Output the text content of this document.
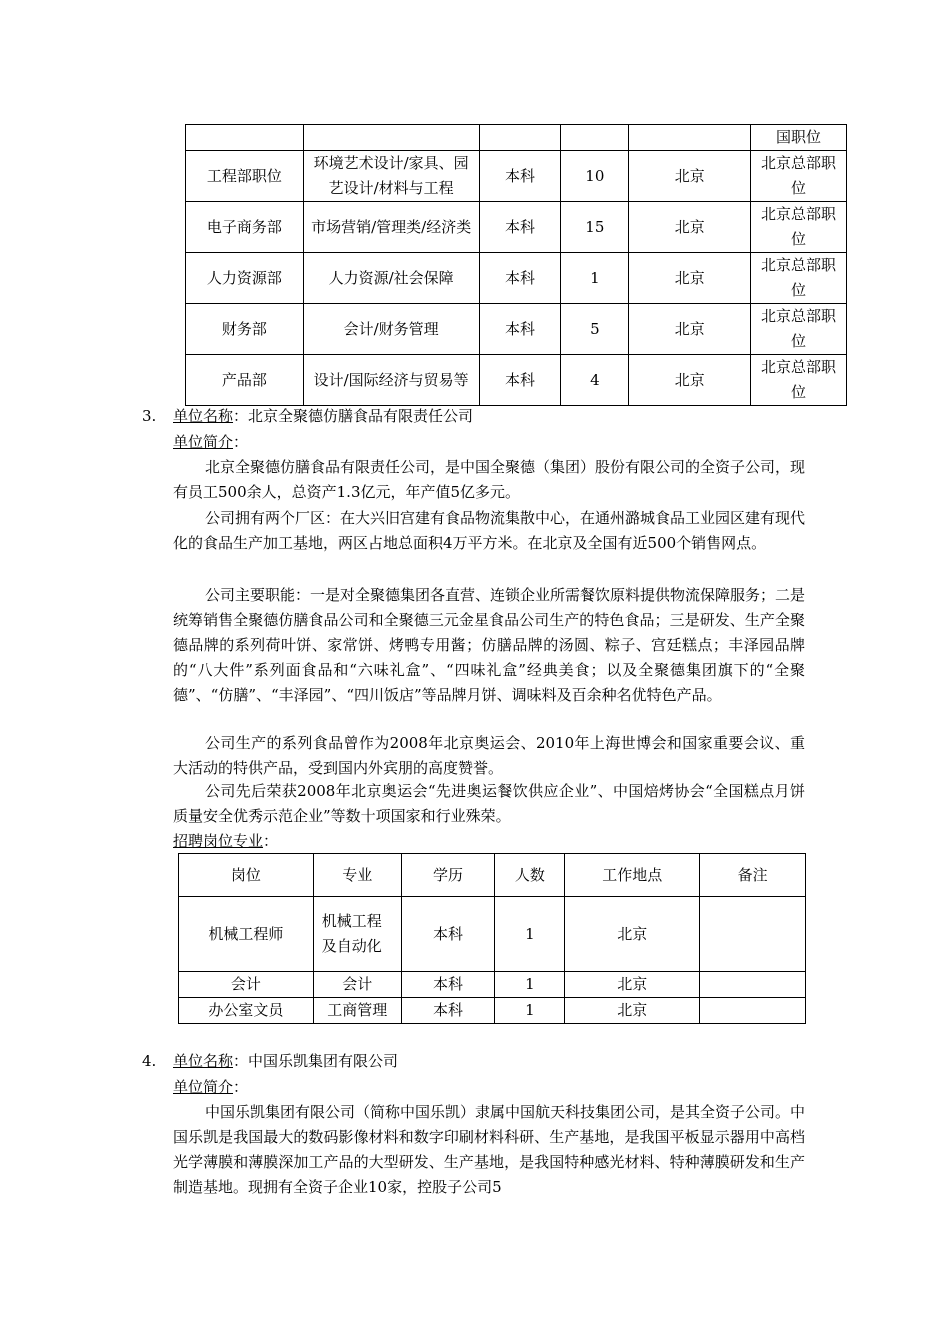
					国职位
工程部职位	环境艺术设计/家具、园艺设计/材料与工程	本科	10	北京	北京总部职位
电子商务部	市场营销/管理类/经济类	本科	15	北京	北京总部职位
人力资源部	人力资源/社会保障	本科	1	北京	北京总部职位
财务部	会计/财务管理	本科	5	北京	北京总部职位
产品部	设计/国际经济与贸易等	本科	4	北京	北京总部职位
3. 单位名称：北京全聚德仿膳食品有限责任公司
单位简介：

北京全聚德仿膳食品有限责任公司，是中国全聚德（集团）股份有限公司的全资子公司，现有员工500余人，总资产1.3亿元，年产值5亿多元。

公司拥有两个厂区：在大兴旧宫建有食品物流集散中心，在通州潞城食品工业园区建有现代化的食品生产加工基地，两区占地总面积4万平方米。在北京及全国有近500个销售网点。

公司主要职能：一是对全聚德集团各直营、连锁企业所需餐饮原料提供物流保障服务；二是统筹销售全聚德仿膳食品公司和全聚德三元金星食品公司生产的特色食品；三是研发、生产全聚德品牌的系列荷叶饼、家常饼、烤鸭专用酱；仿膳品牌的汤圆、粽子、宫廷糕点；丰泽园品牌的“八大件”系列面食品和“六味礼盒”、“四味礼盒”经典美食；以及全聚德集团旗下的“全聚德”、“仿膳”、“丰泽园”、“四川饭店”等品牌月饼、调味料及百余种名优特色产品。

公司生产的系列食品曾作为2008年北京奥运会、2010年上海世博会和国家重要会议、重大活动的特供产品，受到国内外宾朋的高度赞誉。

公司先后荣获2008年北京奥运会“先进奥运餐饮供应企业”、中国焙烤协会“全国糕点月饼质量安全优秀示范企业”等数十项国家和行业殊荣。

招聘岗位专业：
岗位	专业	学历	人数	工作地点	备注
机械工程师	机械工程及自动化	本科	1	北京	
会计	会计	本科	1	北京	
办公室文员	工商管理	本科	1	北京	
4. 单位名称：中国乐凯集团有限公司
单位简介：

中国乐凯集团有限公司（简称中国乐凯）隶属中国航天科技集团公司，是其全资子公司。中国乐凯是我国最大的数码影像材料和数字印刷材料科研、生产基地，是我国平板显示器用中高档光学薄膜和薄膜深加工产品的大型研发、生产基地，是我国特种感光材料、特种薄膜研发和生产制造基地。现拥有全资子企业10家，控股子公司5
